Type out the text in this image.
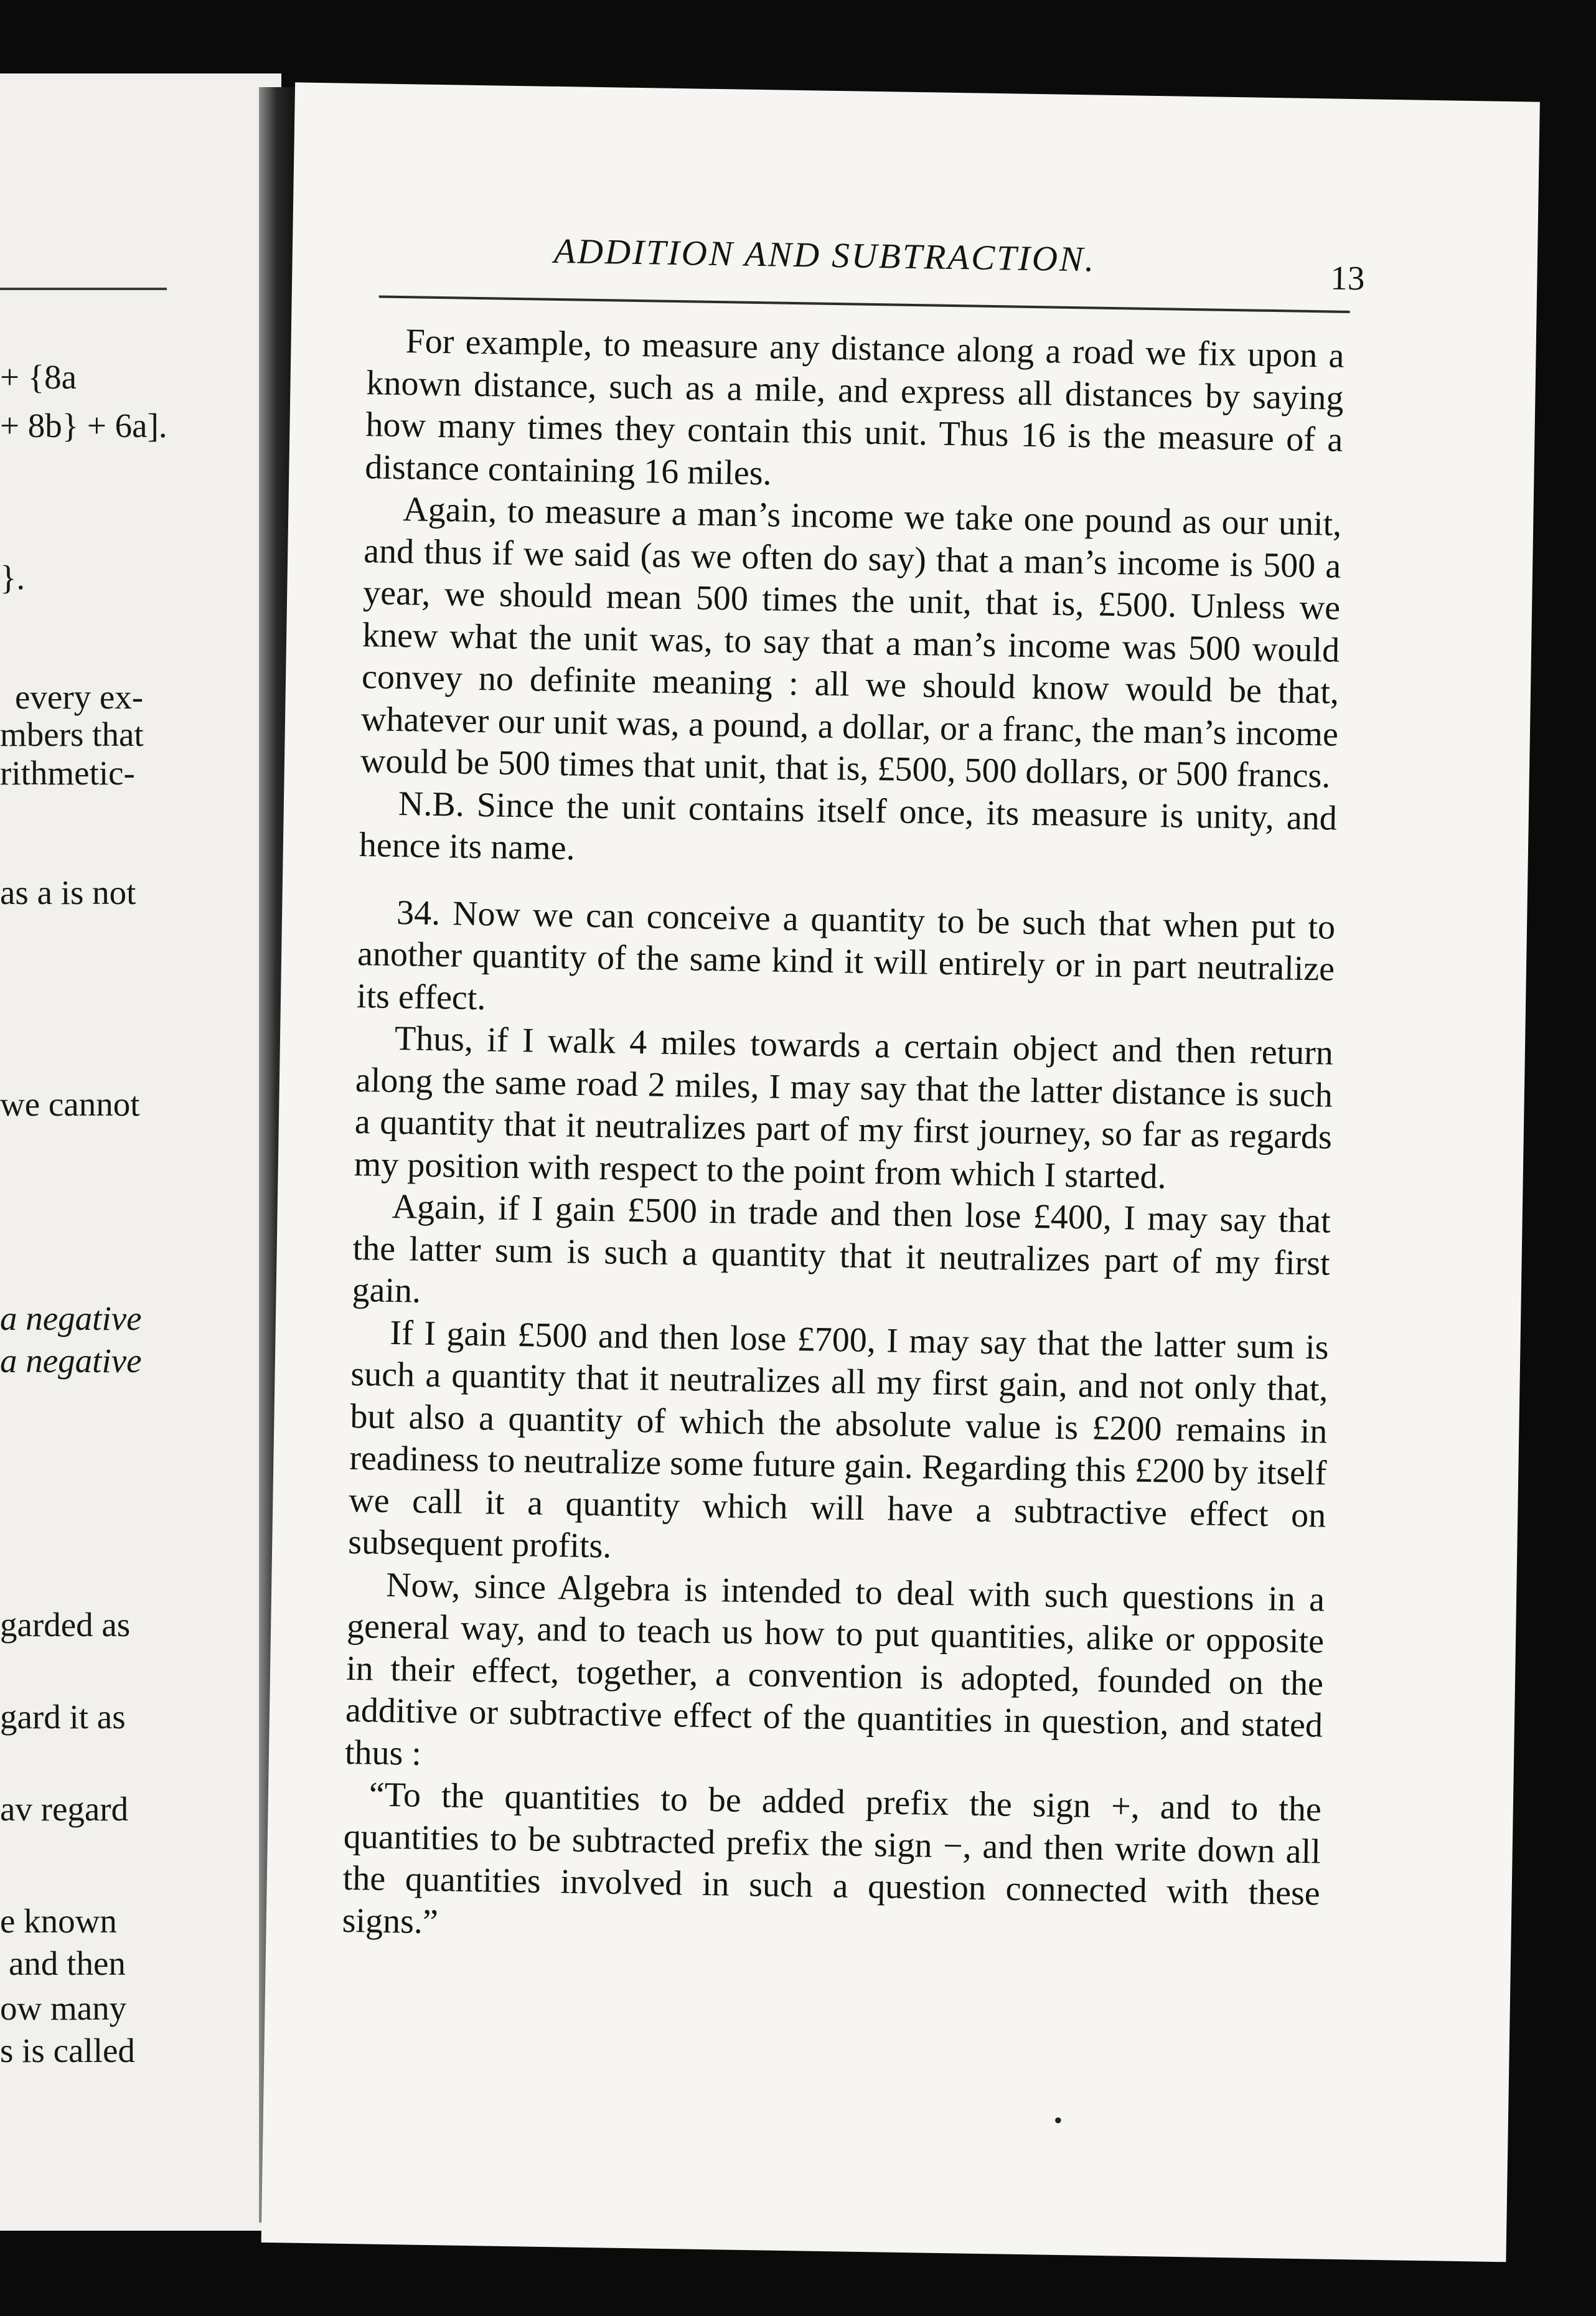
+ {8a
+ 8b} + 6a].
}.
every ex-
mbers that
rithmetic-
as a is not
we cannot
a negative
a negative
garded as
gard it as
av regard
e known
and then
ow many
s is called
ADDITION AND SUBTRACTION.	13

For example, to measure any distance along a road we fix upon a known distance, such as a mile, and express all distances by saying how many times they contain this unit. Thus 16 is the measure of a distance containing 16 miles.

Again, to measure a man’s income we take one pound as our unit, and thus if we said (as we often do say) that a man’s income is 500 a year, we should mean 500 times the unit, that is, £500. Unless we knew what the unit was, to say that a man’s income was 500 would convey no definite meaning : all we should know would be that, whatever our unit was, a pound, a dollar, or a franc, the man’s income would be 500 times that unit, that is, £500, 500 dollars, or 500 francs.

N.B. Since the unit contains itself once, its measure is unity, and hence its name.

34. Now we can conceive a quantity to be such that when put to another quantity of the same kind it will entirely or in part neutralize its effect.

Thus, if I walk 4 miles towards a certain object and then return along the same road 2 miles, I may say that the latter distance is such a quantity that it neutralizes part of my first journey, so far as regards my position with respect to the point from which I started.

Again, if I gain £500 in trade and then lose £400, I may say that the latter sum is such a quantity that it neutralizes part of my first gain.

If I gain £500 and then lose £700, I may say that the latter sum is such a quantity that it neutralizes all my first gain, and not only that, but also a quantity of which the absolute value is £200 remains in readiness to neutralize some future gain. Regarding this £200 by itself we call it a quantity which will have a subtractive effect on subsequent profits.

Now, since Algebra is intended to deal with such questions in a general way, and to teach us how to put quantities, alike or opposite in their effect, together, a convention is adopted, founded on the additive or subtractive effect of the quantities in question, and stated thus :

“To the quantities to be added prefix the sign +, and to the quantities to be subtracted prefix the sign −, and then write down all the quantities involved in such a question connected with these signs.”

•
